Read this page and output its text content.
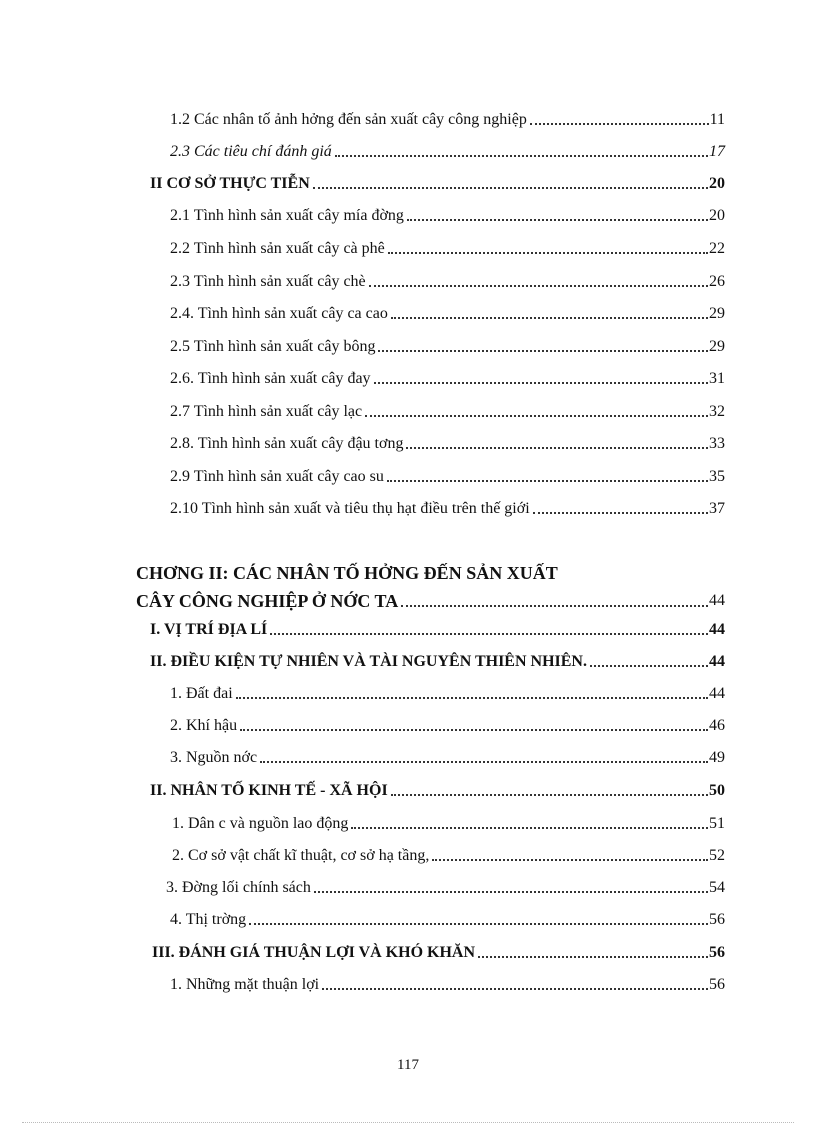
1.2 Các nhân tố ảnh hởng đến sản xuất cây công nghiệp	11
2.3 Các tiêu chí đánh giá	17
II CƠ SỞ THỰC TIỄN	20
2.1 Tình hình sản xuất cây mía đờng	20
2.2 Tình hình sản xuất cây cà phê	22
2.3 Tình hình sản xuất cây chè	26
2.4. Tình hình sản xuất cây ca cao	29
2.5 Tình hình sản xuất cây bông	29
2.6. Tình hình sản xuất cây đay	31
2.7 Tình hình sản xuất cây lạc	32
2.8. Tình hình sản xuất cây đậu tơng	33
2.9 Tình hình sản xuất cây cao su	35
2.10 Tình hình sản xuất và tiêu thụ hạt điều trên thế giới	37
CHƠNG II: CÁC NHÂN TỐ HỞNG ĐẾN SẢN XUẤT
CÂY CÔNG NGHIỆP Ở NỚC TA	44
I. VỊ TRÍ ĐỊA LÍ	44
II. ĐIỀU KIỆN TỰ NHIÊN VÀ TÀI NGUYÊN THIÊN NHIÊN.	44
1. Đất đai	44
2. Khí hậu	46
3. Nguồn nớc	49
II. NHÂN TỐ KINH TẾ - XÃ HỘI	50
1. Dân c và nguồn lao động	51
2. Cơ sở vật chất kĩ thuật, cơ sở hạ tầng,	52
3. Đờng lối chính sách	54
4. Thị trờng	56
III. ĐÁNH GIÁ THUẬN LỢI VÀ KHÓ KHĂN	56
1. Những mặt thuận lợi	56
117
